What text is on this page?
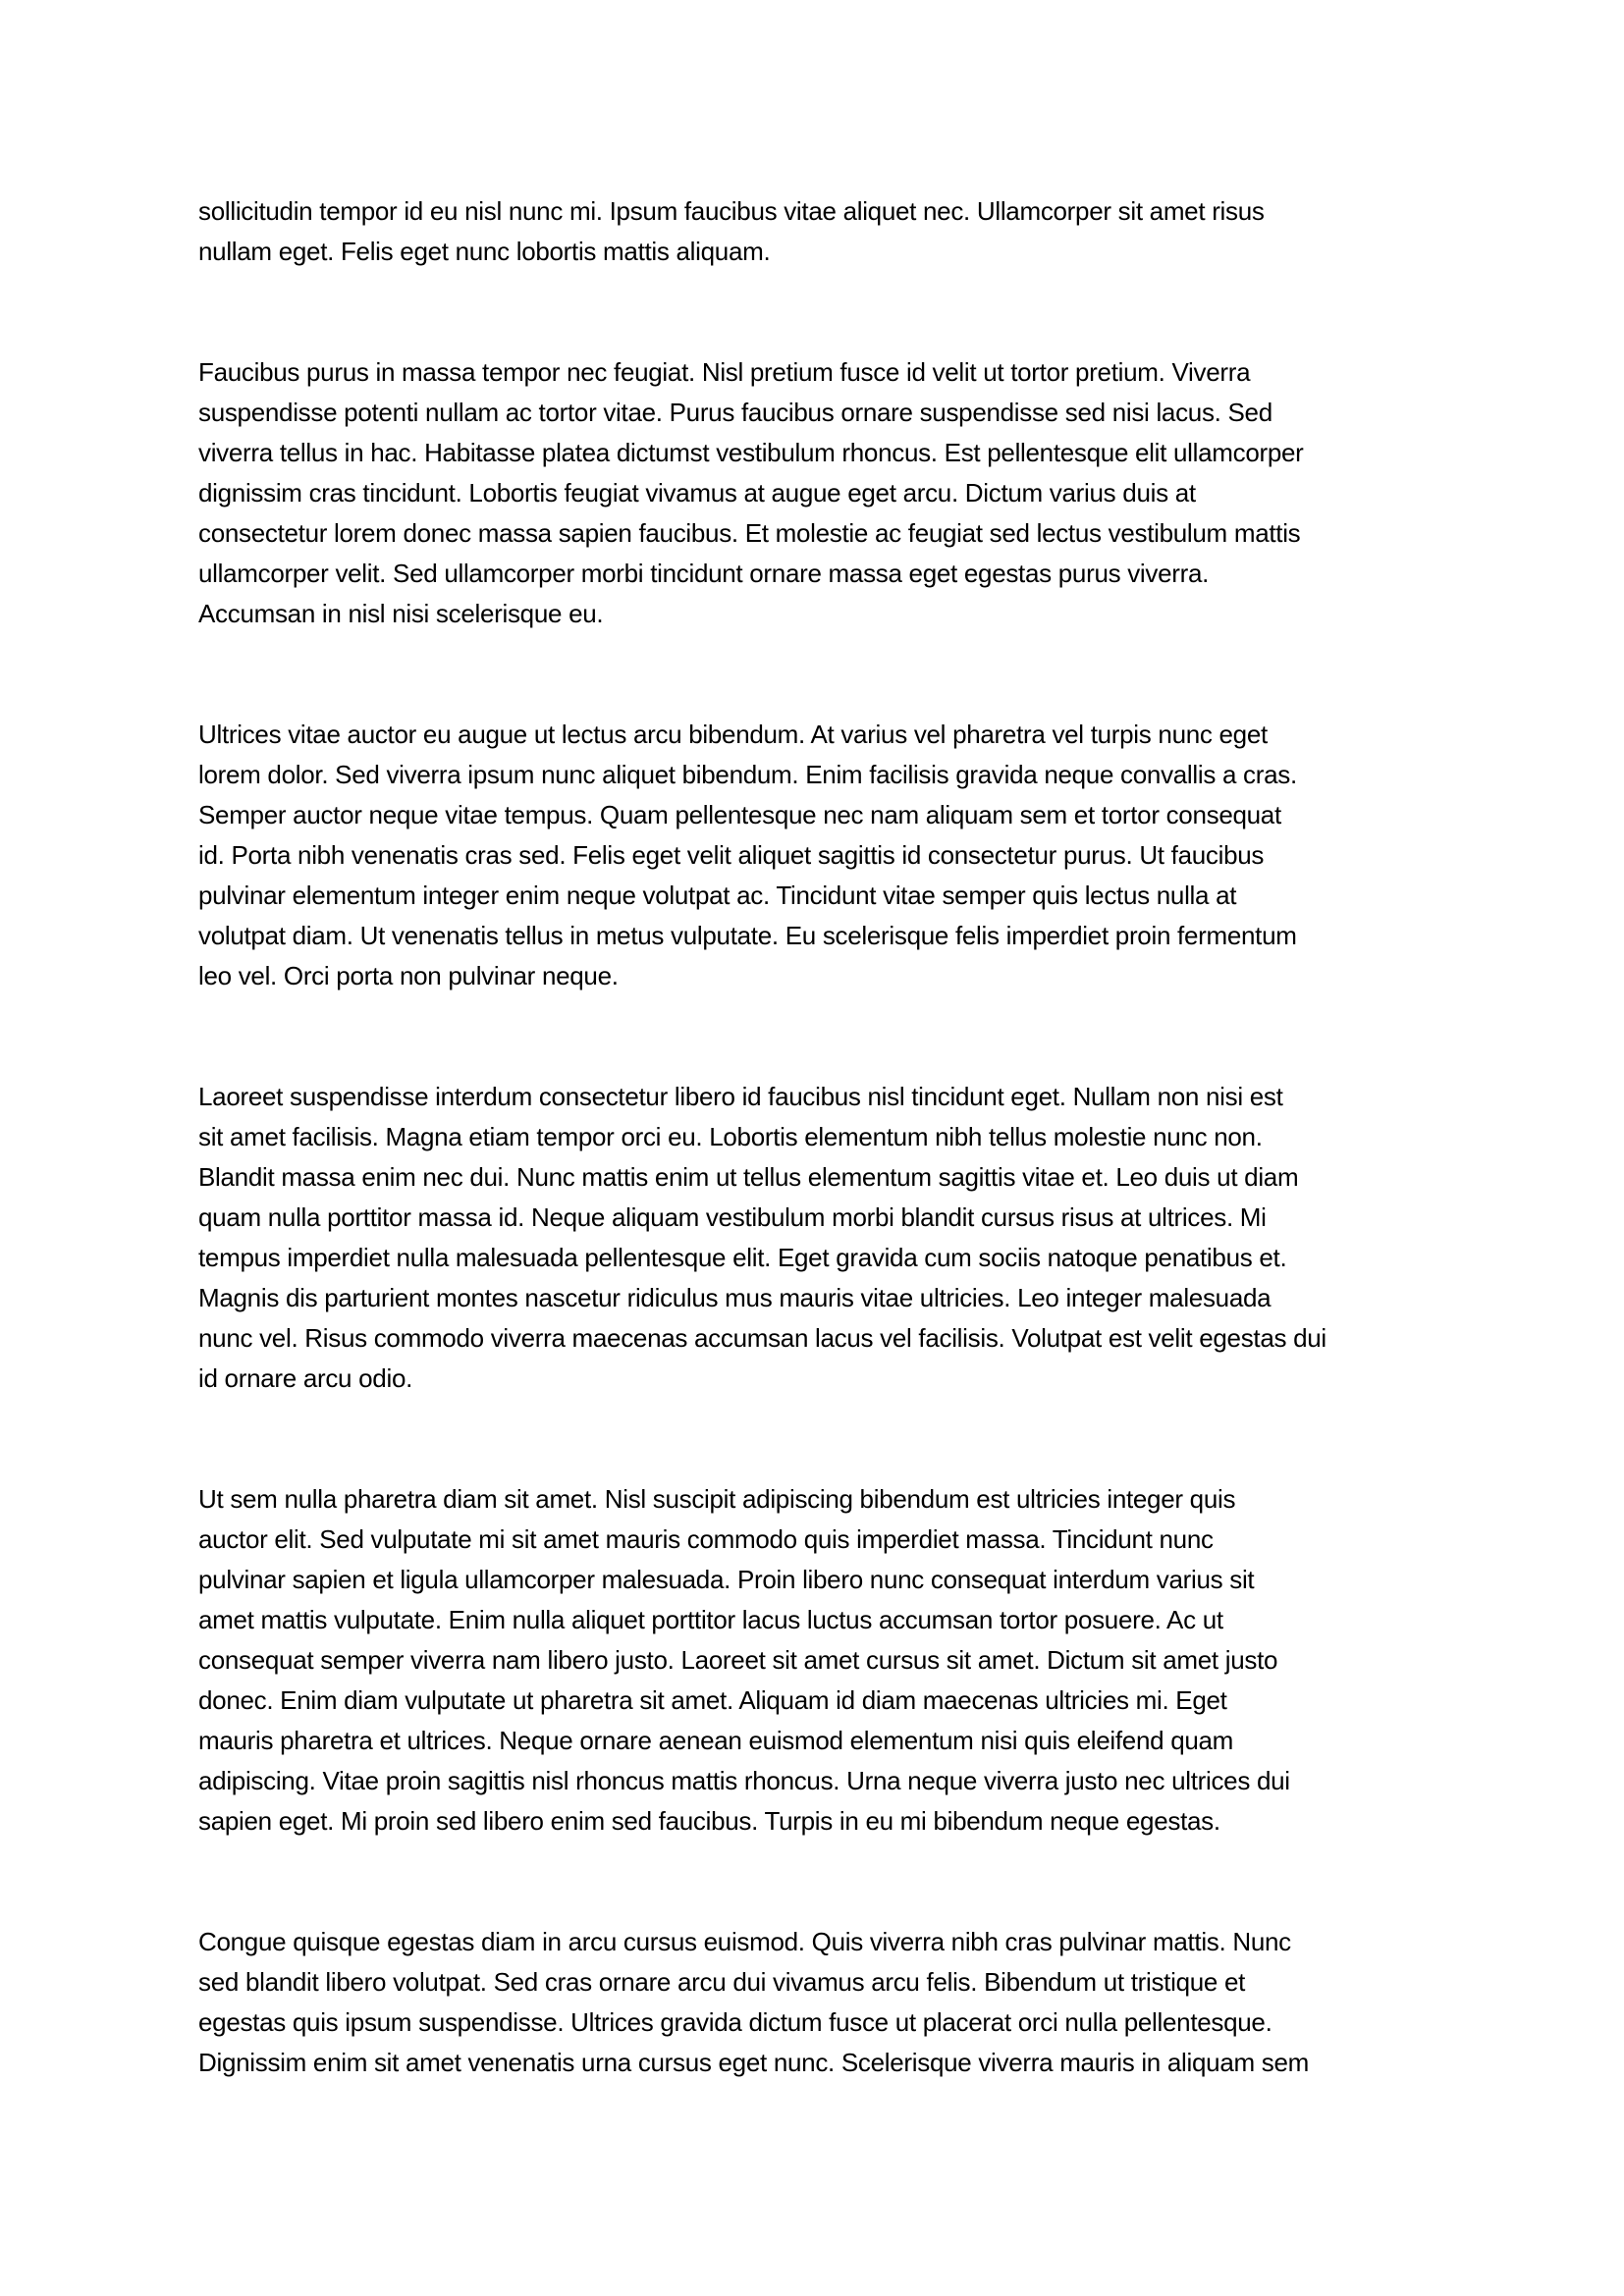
sollicitudin tempor id eu nisl nunc mi. Ipsum faucibus vitae aliquet nec. Ullamcorper sit amet risus
nullam eget. Felis eget nunc lobortis mattis aliquam.
Faucibus purus in massa tempor nec feugiat. Nisl pretium fusce id velit ut tortor pretium. Viverra
suspendisse potenti nullam ac tortor vitae. Purus faucibus ornare suspendisse sed nisi lacus. Sed
viverra tellus in hac. Habitasse platea dictumst vestibulum rhoncus. Est pellentesque elit ullamcorper
dignissim cras tincidunt. Lobortis feugiat vivamus at augue eget arcu. Dictum varius duis at
consectetur lorem donec massa sapien faucibus. Et molestie ac feugiat sed lectus vestibulum mattis
ullamcorper velit. Sed ullamcorper morbi tincidunt ornare massa eget egestas purus viverra.
Accumsan in nisl nisi scelerisque eu.
Ultrices vitae auctor eu augue ut lectus arcu bibendum. At varius vel pharetra vel turpis nunc eget
lorem dolor. Sed viverra ipsum nunc aliquet bibendum. Enim facilisis gravida neque convallis a cras.
Semper auctor neque vitae tempus. Quam pellentesque nec nam aliquam sem et tortor consequat
id. Porta nibh venenatis cras sed. Felis eget velit aliquet sagittis id consectetur purus. Ut faucibus
pulvinar elementum integer enim neque volutpat ac. Tincidunt vitae semper quis lectus nulla at
volutpat diam. Ut venenatis tellus in metus vulputate. Eu scelerisque felis imperdiet proin fermentum
leo vel. Orci porta non pulvinar neque.
Laoreet suspendisse interdum consectetur libero id faucibus nisl tincidunt eget. Nullam non nisi est
sit amet facilisis. Magna etiam tempor orci eu. Lobortis elementum nibh tellus molestie nunc non.
Blandit massa enim nec dui. Nunc mattis enim ut tellus elementum sagittis vitae et. Leo duis ut diam
quam nulla porttitor massa id. Neque aliquam vestibulum morbi blandit cursus risus at ultrices. Mi
tempus imperdiet nulla malesuada pellentesque elit. Eget gravida cum sociis natoque penatibus et.
Magnis dis parturient montes nascetur ridiculus mus mauris vitae ultricies. Leo integer malesuada
nunc vel. Risus commodo viverra maecenas accumsan lacus vel facilisis. Volutpat est velit egestas dui
id ornare arcu odio.
Ut sem nulla pharetra diam sit amet. Nisl suscipit adipiscing bibendum est ultricies integer quis
auctor elit. Sed vulputate mi sit amet mauris commodo quis imperdiet massa. Tincidunt nunc
pulvinar sapien et ligula ullamcorper malesuada. Proin libero nunc consequat interdum varius sit
amet mattis vulputate. Enim nulla aliquet porttitor lacus luctus accumsan tortor posuere. Ac ut
consequat semper viverra nam libero justo. Laoreet sit amet cursus sit amet. Dictum sit amet justo
donec. Enim diam vulputate ut pharetra sit amet. Aliquam id diam maecenas ultricies mi. Eget
mauris pharetra et ultrices. Neque ornare aenean euismod elementum nisi quis eleifend quam
adipiscing. Vitae proin sagittis nisl rhoncus mattis rhoncus. Urna neque viverra justo nec ultrices dui
sapien eget. Mi proin sed libero enim sed faucibus. Turpis in eu mi bibendum neque egestas.
Congue quisque egestas diam in arcu cursus euismod. Quis viverra nibh cras pulvinar mattis. Nunc
sed blandit libero volutpat. Sed cras ornare arcu dui vivamus arcu felis. Bibendum ut tristique et
egestas quis ipsum suspendisse. Ultrices gravida dictum fusce ut placerat orci nulla pellentesque.
Dignissim enim sit amet venenatis urna cursus eget nunc. Scelerisque viverra mauris in aliquam sem
